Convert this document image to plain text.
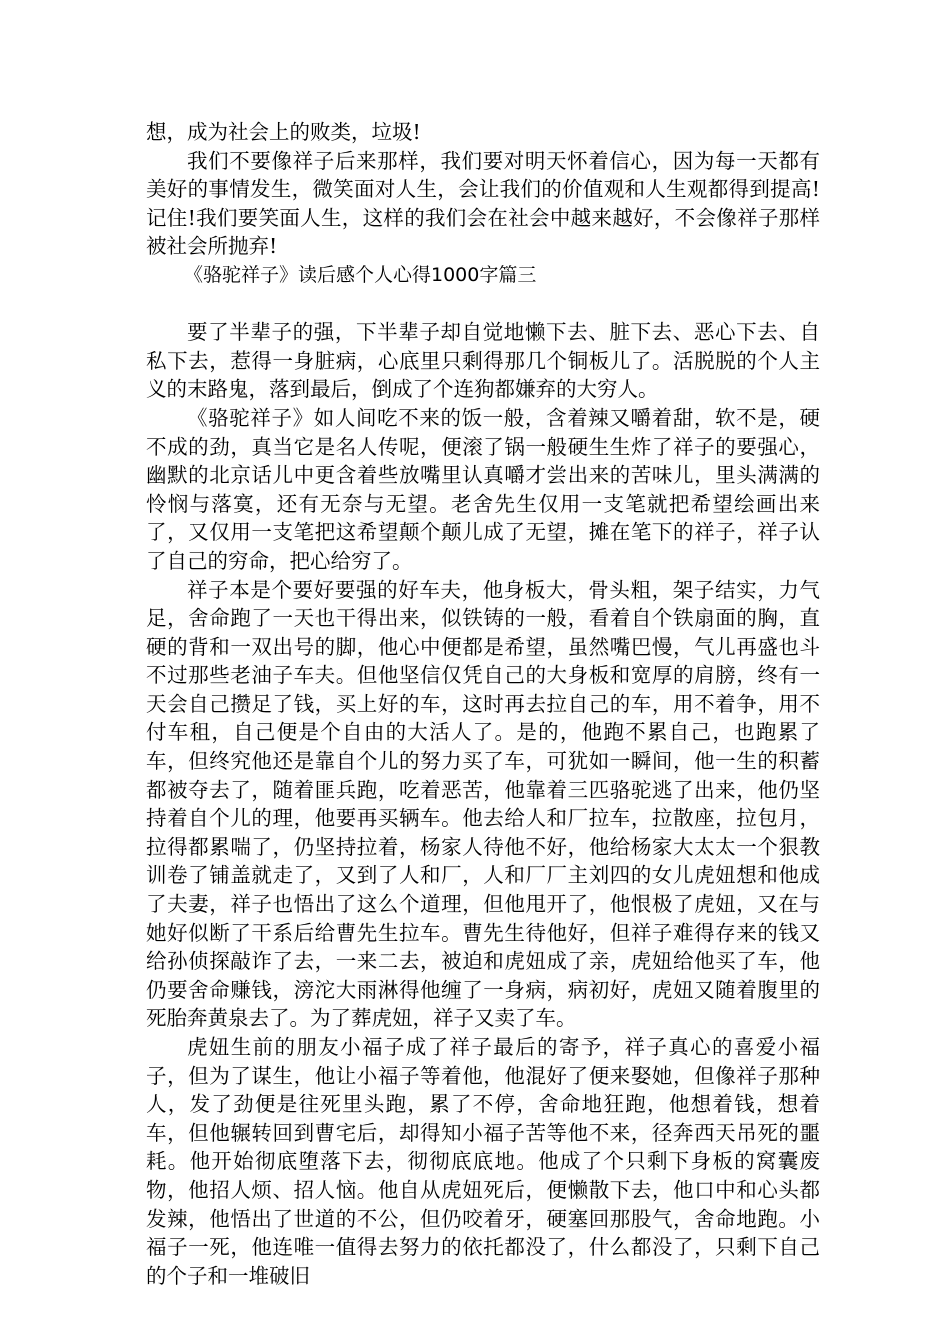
想，成为社会上的败类，垃圾!

我们不要像祥子后来那样，我们要对明天怀着信心，因为每一天都有美好的事情发生，微笑面对人生，会让我们的价值观和人生观都得到提高!记住!我们要笑面人生，这样的我们会在社会中越来越好，不会像祥子那样被社会所抛弃!

《骆驼祥子》读后感个人心得1000字篇三

要了半辈子的强，下半辈子却自觉地懒下去、脏下去、恶心下去、自私下去，惹得一身脏病，心底里只剩得那几个铜板儿了。活脱脱的个人主义的末路鬼，落到最后，倒成了个连狗都嫌弃的大穷人。

《骆驼祥子》如人间吃不来的饭一般，含着辣又嚼着甜，软不是，硬不成的劲，真当它是名人传呢，便滚了锅一般硬生生炸了祥子的要强心，幽默的北京话儿中更含着些放嘴里认真嚼才尝出来的苦味儿，里头满满的怜悯与落寞，还有无奈与无望。老舍先生仅用一支笔就把希望绘画出来了，又仅用一支笔把这希望颠个颠儿成了无望，摊在笔下的祥子，祥子认了自己的穷命，把心给穷了。

祥子本是个要好要强的好车夫，他身板大，骨头粗，架子结实，力气足，舍命跑了一天也干得出来，似铁铸的一般，看着自个铁扇面的胸，直硬的背和一双出号的脚，他心中便都是希望，虽然嘴巴慢，气儿再盛也斗不过那些老油子车夫。但他坚信仅凭自己的大身板和宽厚的肩膀，终有一天会自己攒足了钱，买上好的车，这时再去拉自己的车，用不着争，用不付车租，自己便是个自由的大活人了。是的，他跑不累自己，也跑累了车，但终究他还是靠自个儿的努力买了车，可犹如一瞬间，他一生的积蓄都被夺去了，随着匪兵跑，吃着恶苦，他靠着三匹骆驼逃了出来，他仍坚持着自个儿的理，他要再买辆车。他去给人和厂拉车，拉散座，拉包月，拉得都累喘了，仍坚持拉着，杨家人待他不好，他给杨家大太太一个狠教训卷了铺盖就走了，又到了人和厂，人和厂厂主刘四的女儿虎妞想和他成了夫妻，祥子也悟出了这么个道理，但他甩开了，他恨极了虎妞，又在与她好似断了干系后给曹先生拉车。曹先生待他好，但祥子难得存来的钱又给孙侦探敲诈了去，一来二去，被迫和虎妞成了亲，虎妞给他买了车，他仍要舍命赚钱，滂沱大雨淋得他缠了一身病，病初好，虎妞又随着腹里的死胎奔黄泉去了。为了葬虎妞，祥子又卖了车。

虎妞生前的朋友小福子成了祥子最后的寄予，祥子真心的喜爱小福子，但为了谋生，他让小福子等着他，他混好了便来娶她，但像祥子那种人，发了劲便是往死里头跑，累了不停，舍命地狂跑，他想着钱，想着车，但他辗转回到曹宅后，却得知小福子苦等他不来，径奔西天吊死的噩耗。他开始彻底堕落下去，彻彻底底地。他成了个只剩下身板的窝囊废物，他招人烦、招人恼。他自从虎妞死后，便懒散下去，他口中和心头都发辣，他悟出了世道的不公，但仍咬着牙，硬塞回那股气，舍命地跑。小福子一死，他连唯一值得去努力的依托都没了，什么都没了，只剩下自己的个子和一堆破旧
